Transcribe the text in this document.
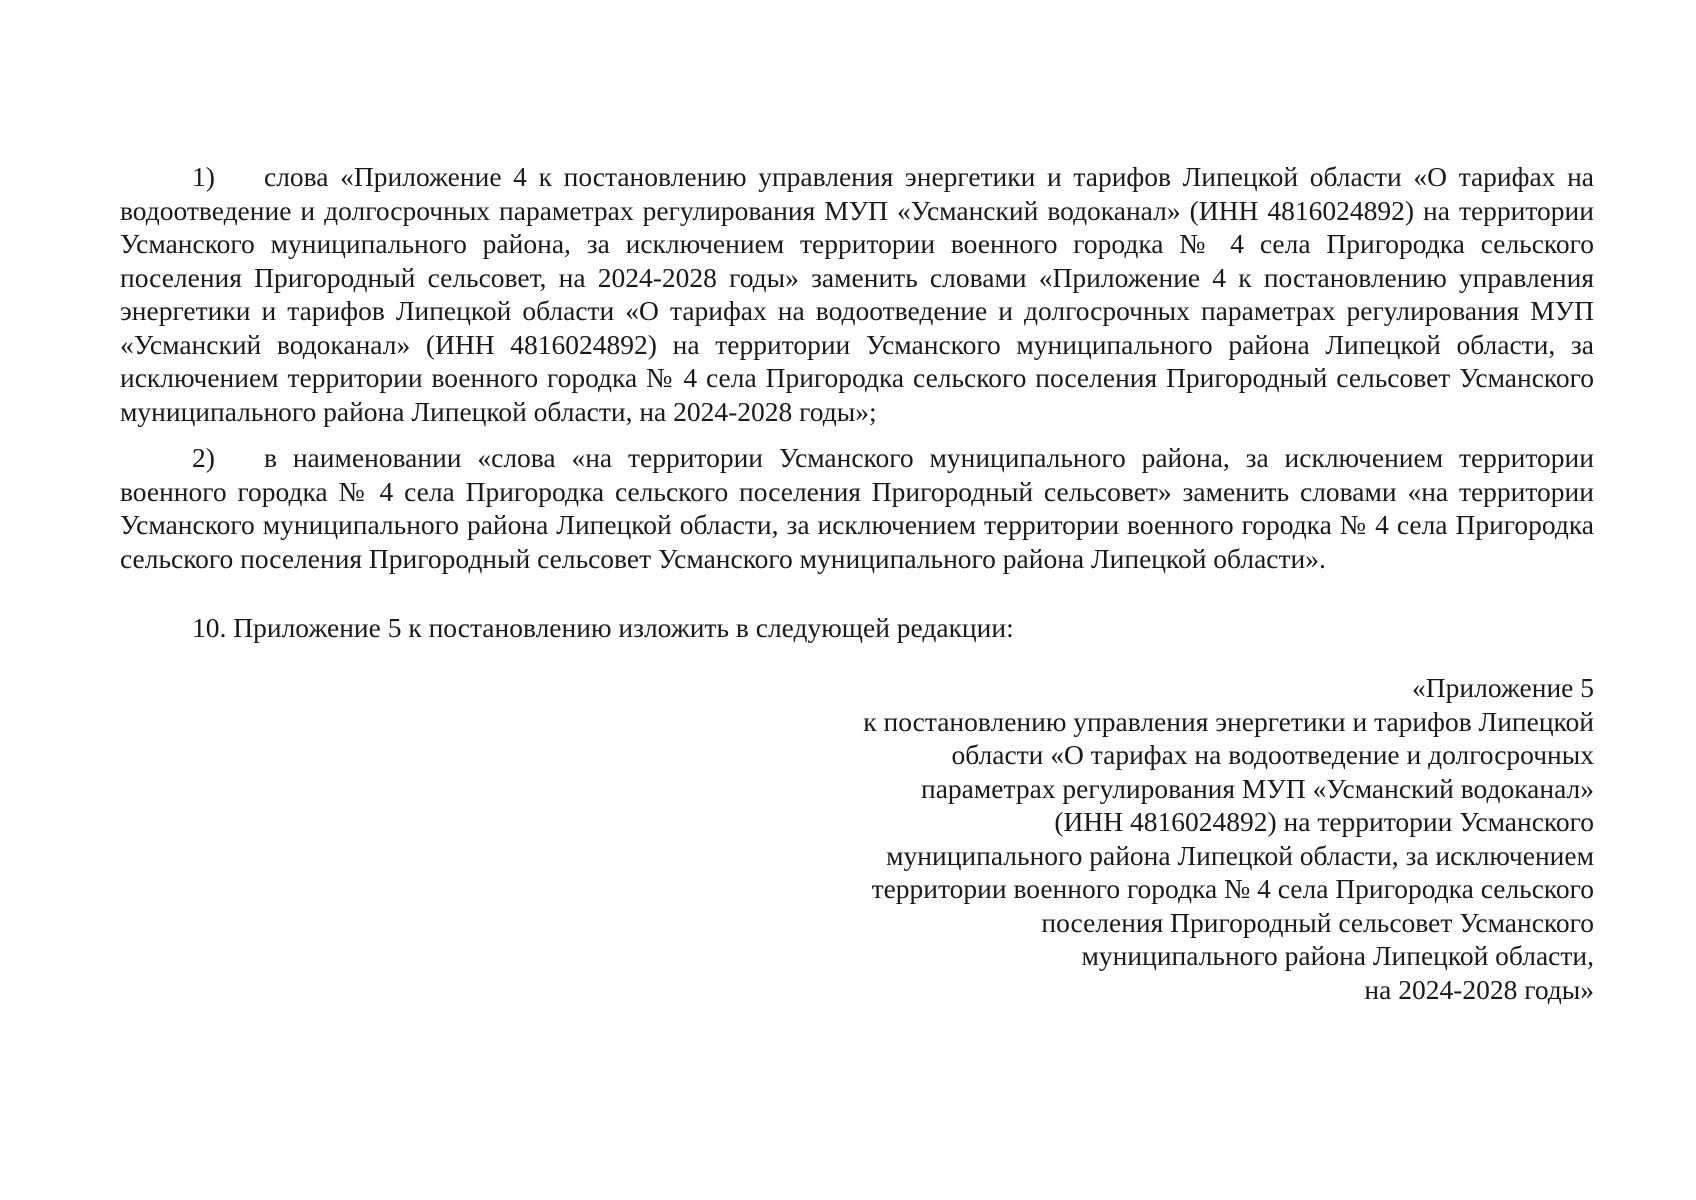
1) слова «Приложение 4 к постановлению управления энергетики и тарифов Липецкой области «О тарифах на водоотведение и долгосрочных параметрах регулирования МУП «Усманский водоканал» (ИНН 4816024892) на территории Усманского муниципального района, за исключением территории военного городка № 4 села Пригородка сельского поселения Пригородный сельсовет, на 2024-2028 годы» заменить словами «Приложение 4 к постановлению управления энергетики и тарифов Липецкой области «О тарифах на водоотведение и долгосрочных параметрах регулирования МУП «Усманский водоканал» (ИНН 4816024892) на территории Усманского муниципального района Липецкой области, за исключением территории военного городка № 4 села Пригородка сельского поселения Пригородный сельсовет Усманского муниципального района Липецкой области, на 2024-2028 годы»;

2) в наименовании «слова «на территории Усманского муниципального района, за исключением территории военного городка № 4 села Пригородка сельского поселения Пригородный сельсовет» заменить словами «на территории Усманского муниципального района Липецкой области, за исключением территории военного городка № 4 села Пригородка сельского поселения Пригородный сельсовет Усманского муниципального района Липецкой области».

10. Приложение 5 к постановлению изложить в следующей редакции:

«Приложение 5
к постановлению управления энергетики и тарифов Липецкой
области «О тарифах на водоотведение и долгосрочных
параметрах регулирования МУП «Усманский водоканал»
(ИНН 4816024892) на территории Усманского
муниципального района Липецкой области, за исключением
территории военного городка № 4 села Пригородка сельского
поселения Пригородный сельсовет Усманского
муниципального района Липецкой области,
на 2024-2028 годы»
